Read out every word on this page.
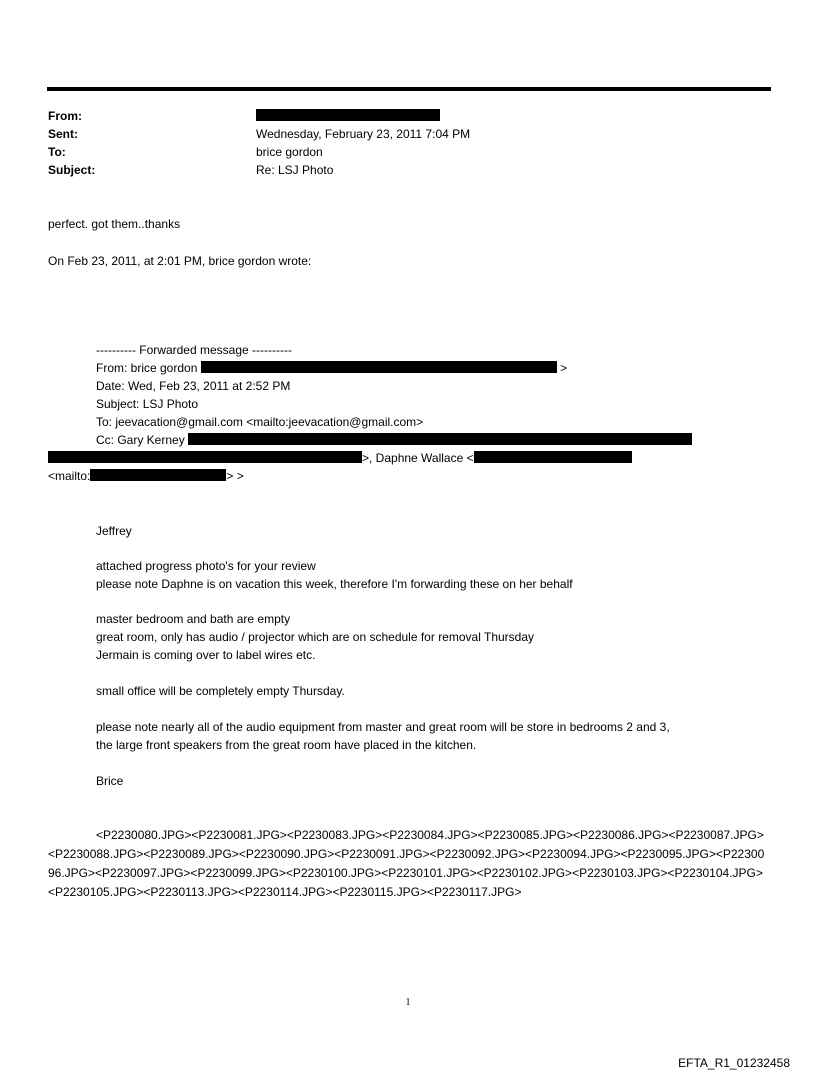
From:
Sent:	Wednesday, February 23, 2011 7:04 PM
To:	brice gordon
Subject:	Re: LSJ Photo
perfect. got them..thanks
On Feb 23, 2011, at 2:01 PM, brice gordon wrote:
---------- Forwarded message ----------
From: brice gordon	>
Date: Wed, Feb 23, 2011 at 2:52 PM
Subject: LSJ Photo
To: jeevacation@gmail.com <mailto:jeevacation@gmail.com>
Cc: Gary Kerney
>, Daphne Wallace <
<mailto:	> >
Jeffrey
attached progress photo's for your review
please note Daphne is on vacation this week, therefore I'm forwarding these on her behalf
master bedroom and bath are empty
great room, only has audio / projector which are on schedule for removal Thursday
Jermain is coming over to label wires etc.
small office will be completely empty Thursday.
please note nearly all of the audio equipment from master and great room will be store in bedrooms 2 and 3,
the large front speakers from the great room have placed in the kitchen.
Brice
<P2230080.JPG><P2230081.JPG><P2230083.JPG><P2230084.JPG><P2230085.JPG><P2230086.JPG><P2230087.JPG><P2230088.JPG><P2230089.JPG><P2230090.JPG><P2230091.JPG><P2230092.JPG><P2230094.JPG><P2230095.JPG><P2230096.JPG><P2230097.JPG><P2230099.JPG><P2230100.JPG><P2230101.JPG><P2230102.JPG><P2230103.JPG><P2230104.JPG><P2230105.JPG><P2230113.JPG><P2230114.JPG><P2230115.JPG><P2230117.JPG>
1
EFTA_R1_01232458
